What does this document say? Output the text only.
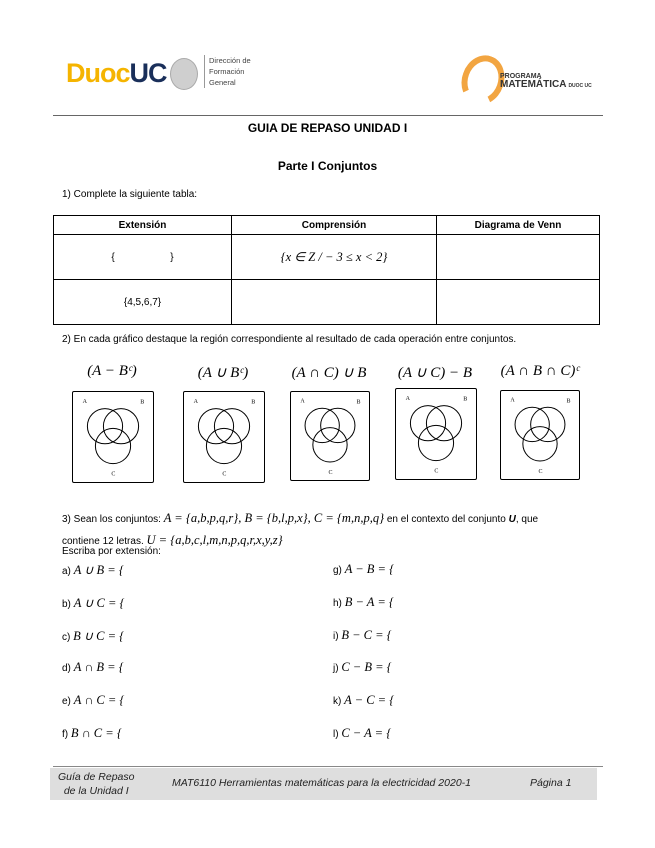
DuocUC	Dirección de
Formación
General
PROGRAMA
MATEMÁTICA DUOC UC
GUIA DE REPASO UNIDAD I
Parte I Conjuntos
1) Complete la siguiente tabla:
Extensión	Comprensión	Diagrama de Venn
{                    }	{x ∈ Z / − 3 ≤ x < 2}	
{4,5,6,7}		
2) En cada gráfico destaque la región correspondiente al resultado de cada operación entre conjuntos.
(A − Bᶜ)
A	B
C
(A ∪ Bᶜ)
A	B
C
(A ∩ C) ∪ B
A	B
C
(A ∪ C) − B
A	B
C
(A ∩ B ∩ C)ᶜ
A	B
C
3) Sean los conjuntos: A = {a,b,p,q,r}, B = {b,l,p,x}, C = {m,n,p,q} en el contexto del conjunto U, que
contiene 12 letras. U = {a,b,c,l,m,n,p,q,r,x,y,z}
Escriba por extensión:
a) A ∪ B = {
b) A ∪ C = {
c) B ∪ C = {
d) A ∩ B = {
e) A ∩ C = {
f) B ∩ C = {
g) A − B = {
h) B − A = {
i) B − C = {
j) C − B = {
k) A − C = {
l) C − A = {
Guía de Repaso
de la Unidad I
MAT6110 Herramientas matemáticas para la electricidad 2020-1	Página 1
